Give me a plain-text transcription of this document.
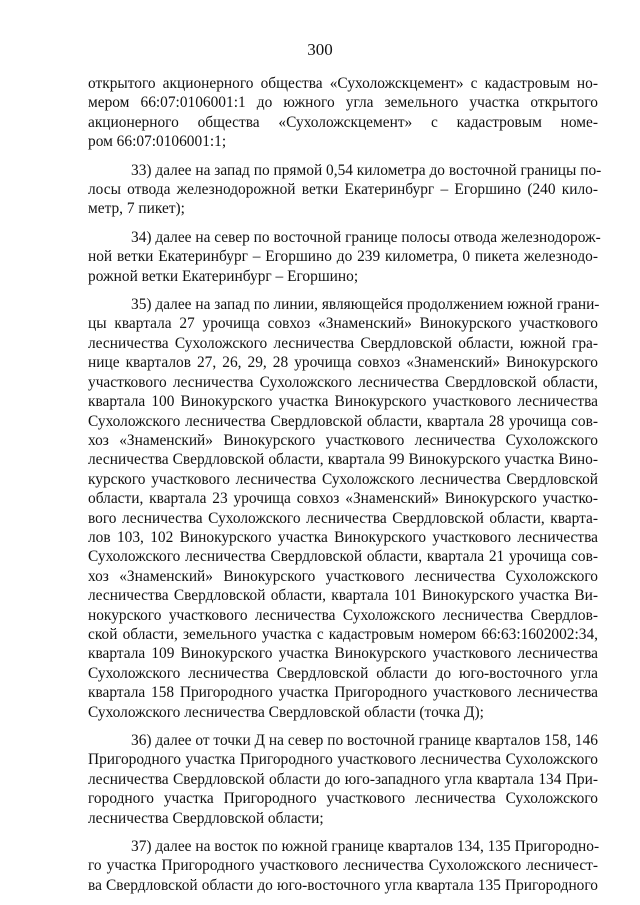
300
открытого акционерного общества «Сухоложскцемент» с кадастровым но-
мером 66:07:0106001:1 до южного угла земельного участка открытого
акционерного общества «Сухоложскцемент» с кадастровым номе-
ром 66:07:0106001:1;
33) далее на запад по прямой 0,54 километра до восточной границы по-
лосы отвода железнодорожной ветки Екатеринбург – Егоршино (240 кило-
метр, 7 пикет);
34) далее на север по восточной границе полосы отвода железнодорож-
ной ветки Екатеринбург – Егоршино до 239 километра, 0 пикета железнодо-
рожной ветки Екатеринбург – Егоршино;
35) далее на запад по линии, являющейся продолжением южной грани-
цы квартала 27 урочища совхоз «Знаменский» Винокурского участкового
лесничества Сухоложского лесничества Свердловской области, южной гра-
нице кварталов 27, 26, 29, 28 урочища совхоз «Знаменский» Винокурского
участкового лесничества Сухоложского лесничества Свердловской области,
квартала 100 Винокурского участка Винокурского участкового лесничества
Сухоложского лесничества Свердловской области, квартала 28 урочища сов-
хоз «Знаменский» Винокурского участкового лесничества Сухоложского
лесничества Свердловской области, квартала 99 Винокурского участка Вино-
курского участкового лесничества Сухоложского лесничества Свердловской
области, квартала 23 урочища совхоз «Знаменский» Винокурского участко-
вого лесничества Сухоложского лесничества Свердловской области, кварта-
лов 103, 102 Винокурского участка Винокурского участкового лесничества
Сухоложского лесничества Свердловской области, квартала 21 урочища сов-
хоз «Знаменский» Винокурского участкового лесничества Сухоложского
лесничества Свердловской области, квартала 101 Винокурского участка Ви-
нокурского участкового лесничества Сухоложского лесничества Свердлов-
ской области, земельного участка с кадастровым номером 66:63:1602002:34,
квартала 109 Винокурского участка Винокурского участкового лесничества
Сухоложского лесничества Свердловской области до юго-восточного угла
квартала 158 Пригородного участка Пригородного участкового лесничества
Сухоложского лесничества Свердловской области (точка Д);
36) далее от точки Д на север по восточной границе кварталов 158, 146
Пригородного участка Пригородного участкового лесничества Сухоложского
лесничества Свердловской области до юго-западного угла квартала 134 При-
городного участка Пригородного участкового лесничества Сухоложского
лесничества Свердловской области;
37) далее на восток по южной границе кварталов 134, 135 Пригородно-
го участка Пригородного участкового лесничества Сухоложского лесничест-
ва Свердловской области до юго-восточного угла квартала 135 Пригородного
